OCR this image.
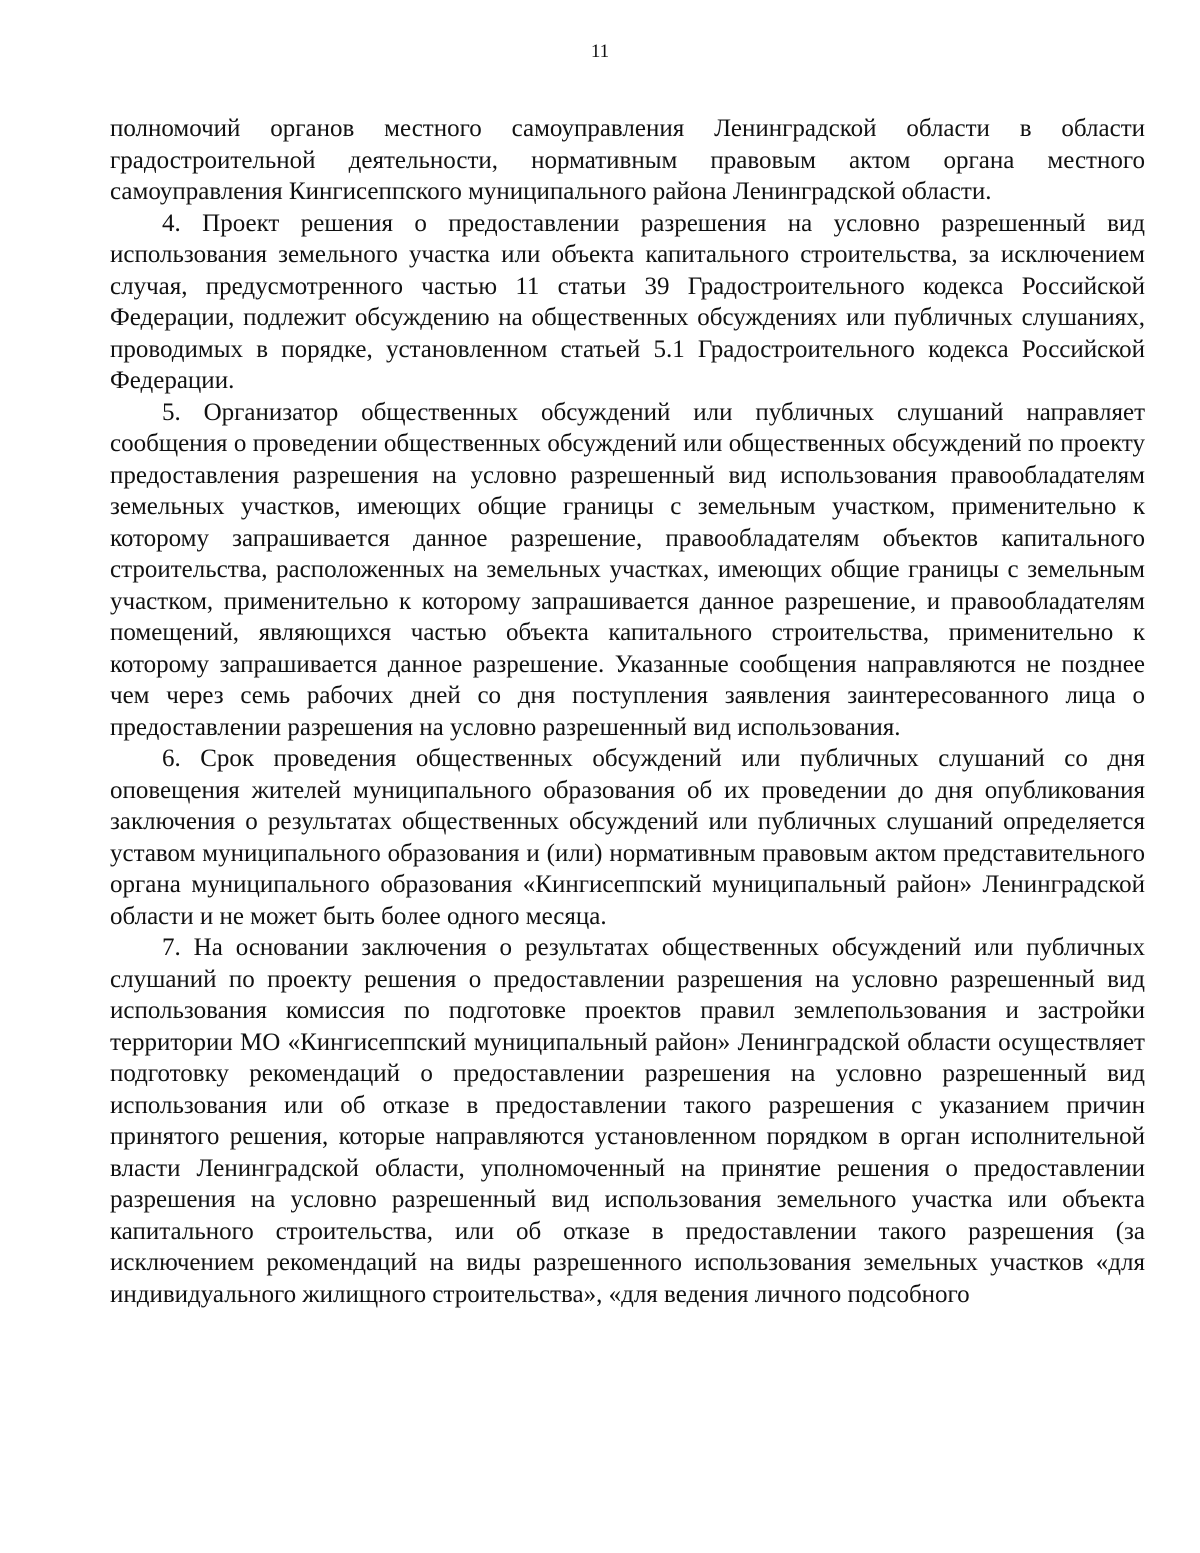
11

полномочий органов местного самоуправления Ленинградской области в области градостроительной деятельности, нормативным правовым актом органа местного самоуправления Кингисеппского муниципального района Ленинградской области.

4. Проект решения о предоставлении разрешения на условно разрешенный вид использования земельного участка или объекта капитального строительства, за исключением случая, предусмотренного частью 11 статьи 39 Градостроительного кодекса Российской Федерации, подлежит обсуждению на общественных обсуждениях или публичных слушаниях, проводимых в порядке, установленном статьей 5.1 Градостроительного кодекса Российской Федерации.

5. Организатор общественных обсуждений или публичных слушаний направляет сообщения о проведении общественных обсуждений или общественных обсуждений по проекту предоставления разрешения на условно разрешенный вид использования правообладателям земельных участков, имеющих общие границы с земельным участком, применительно к которому запрашивается данное разрешение, правообладателям объектов капитального строительства, расположенных на земельных участках, имеющих общие границы с земельным участком, применительно к которому запрашивается данное разрешение, и правообладателям помещений, являющихся частью объекта капитального строительства, применительно к которому запрашивается данное разрешение. Указанные сообщения направляются не позднее чем через семь рабочих дней со дня поступления заявления заинтересованного лица о предоставлении разрешения на условно разрешенный вид использования.

6. Срок проведения общественных обсуждений или публичных слушаний со дня оповещения жителей муниципального образования об их проведении до дня опубликования заключения о результатах общественных обсуждений или публичных слушаний определяется уставом муниципального образования и (или) нормативным правовым актом представительного органа муниципального образования «Кингисеппский муниципальный район» Ленинградской области и не может быть более одного месяца.

7. На основании заключения о результатах общественных обсуждений или публичных слушаний по проекту решения о предоставлении разрешения на условно разрешенный вид использования комиссия по подготовке проектов правил землепользования и застройки территории МО «Кингисеппский муниципальный район» Ленинградской области осуществляет подготовку рекомендаций о предоставлении разрешения на условно разрешенный вид использования или об отказе в предоставлении такого разрешения с указанием причин принятого решения, которые направляются установленном порядком в орган исполнительной власти Ленинградской области, уполномоченный на принятие решения о предоставлении разрешения на условно разрешенный вид использования земельного участка или объекта капитального строительства, или об отказе в предоставлении такого разрешения (за исключением рекомендаций на виды разрешенного использования земельных участков «для индивидуального жилищного строительства», «для ведения личного подсобного
